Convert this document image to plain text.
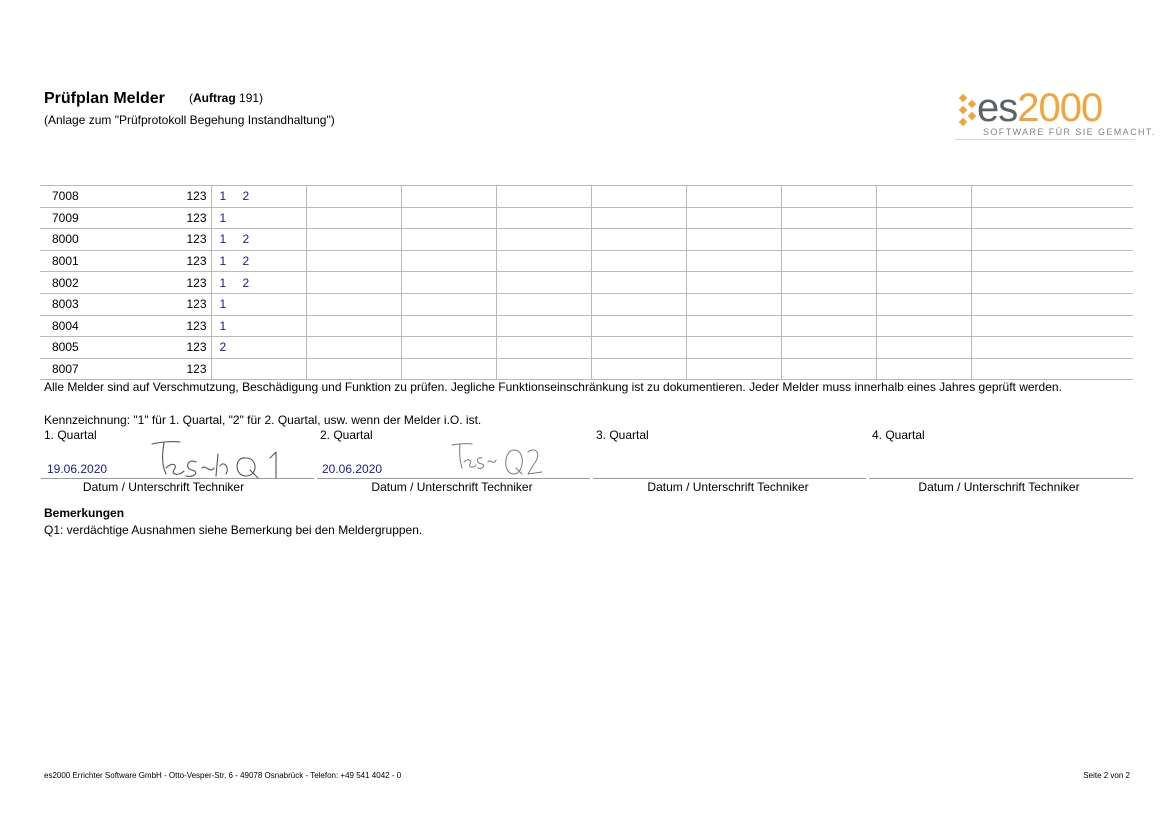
Prüfplan Melder (Auftrag 191)
(Anlage zum "Prüfprotokoll Begehung Instandhaltung")	es2000
SOFTWARE FÜR SIE GEMACHT.
7008	123	1 2								
7009	123	1								
8000	123	1 2								
8001	123	1 2								
8002	123	1 2								
8003	123	1								
8004	123	1								
8005	123	2								
8007	123									
Alle Melder sind auf Verschmutzung, Beschädigung und Funktion zu prüfen. Jegliche Funktionseinschränkung ist zu dokumentieren. Jeder Melder muss innerhalb eines Jahres geprüft werden.
Kennzeichnung: "1" für 1. Quartal, "2" für 2. Quartal, usw. wenn der Melder i.O. ist.
1. Quartal	2. Quartal	3. Quartal	4. Quartal
19.06.2020	20.06.2020
Datum / Unterschrift Techniker	Datum / Unterschrift Techniker	Datum / Unterschrift Techniker	Datum / Unterschrift Techniker
Bemerkungen
Q1: verdächtige Ausnahmen siehe Bemerkung bei den Meldergruppen.
es2000 Errichter Software GmbH - Otto-Vesper-Str. 6 - 49078 Osnabrück - Telefon: +49 541 4042 - 0	Seite 2 von 2
